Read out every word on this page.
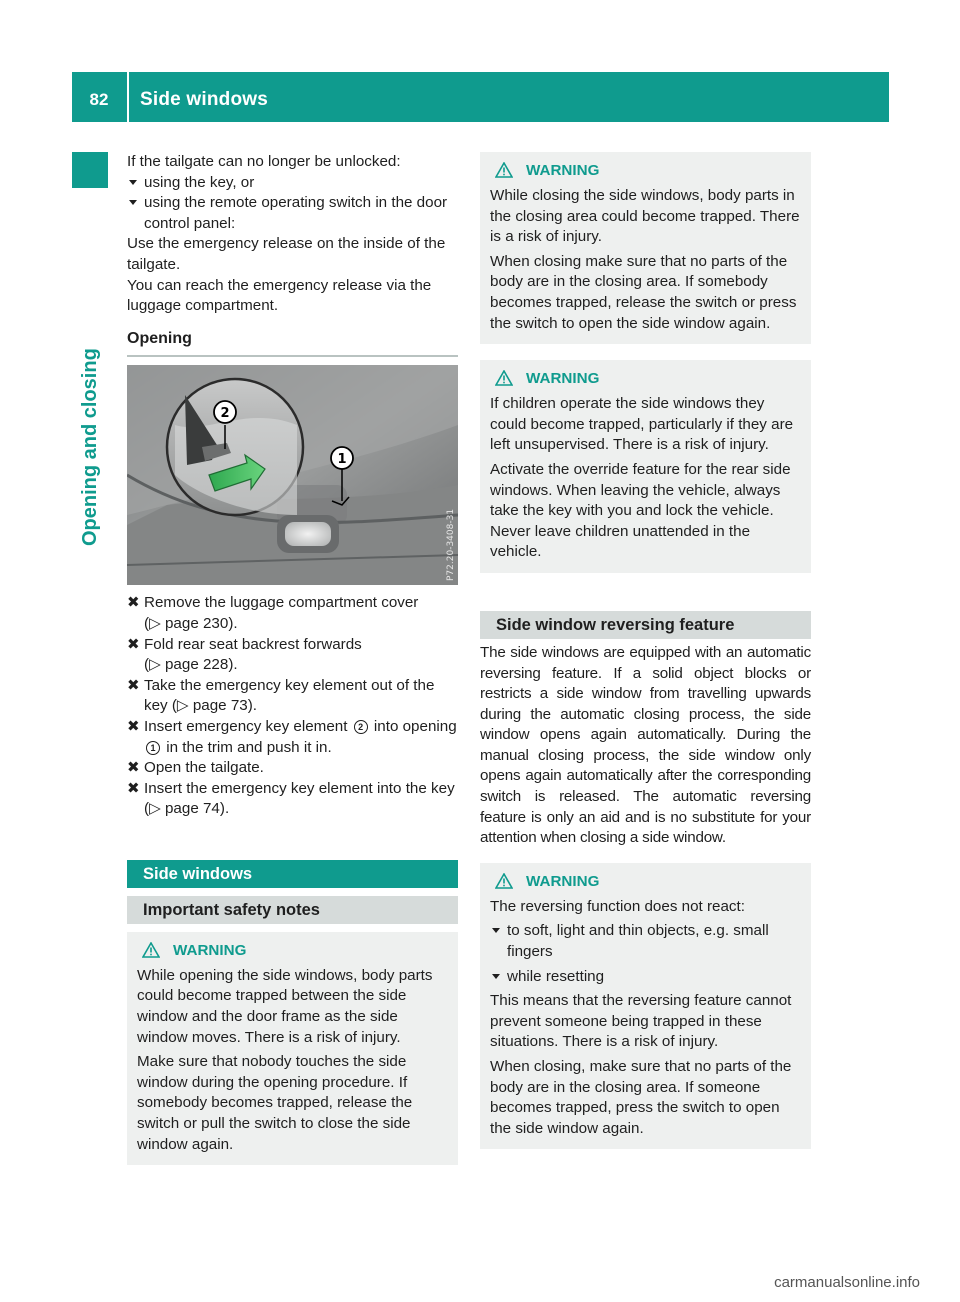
82	Side windows
Opening and closing

If the tailgate can no longer be unlocked:

using the key, or
using the remote operating switch in the door control panel:

Use the emergency release on the inside of the tailgate.

You can reach the emergency release via the luggage compartment.

Opening
2
1
P72.20-3408-31
✖ Remove the luggage compartment cover
(▷ page 230).
✖ Fold rear seat backrest forwards
(▷ page 228).
✖ Take the emergency key element out of the key (▷ page 73).
✖ Insert emergency key element 2 into opening 1 in the trim and push it in.
✖ Open the tailgate.
✖ Insert the emergency key element into the key (▷ page 74).
Side windows
Important safety notes
WARNING

While opening the side windows, body parts could become trapped between the side window and the door frame as the side window moves. There is a risk of injury.

Make sure that nobody touches the side window during the opening procedure. If somebody becomes trapped, release the switch or pull the switch to close the side window again.

WARNING

While closing the side windows, body parts in the closing area could become trapped. There is a risk of injury.

When closing make sure that no parts of the body are in the closing area. If somebody becomes trapped, release the switch or press the switch to open the side window again.

WARNING

If children operate the side windows they could become trapped, particularly if they are left unsupervised. There is a risk of injury.

Activate the override feature for the rear side windows. When leaving the vehicle, always take the key with you and lock the vehicle. Never leave children unattended in the vehicle.

Side window reversing feature

The side windows are equipped with an automatic reversing feature. If a solid object blocks or restricts a side window from travelling upwards during the automatic closing process, the side window opens again automatically. During the manual closing process, the side window only opens again automatically after the corresponding switch is released. The automatic reversing feature is only an aid and is no substitute for your attention when closing a side window.

WARNING

The reversing function does not react:

to soft, light and thin objects, e.g. small fingers
while resetting

This means that the reversing feature cannot prevent someone being trapped in these situations. There is a risk of injury.

When closing, make sure that no parts of the body are in the closing area. If someone becomes trapped, press the switch to open the side window again.

carmanualsonline.info
